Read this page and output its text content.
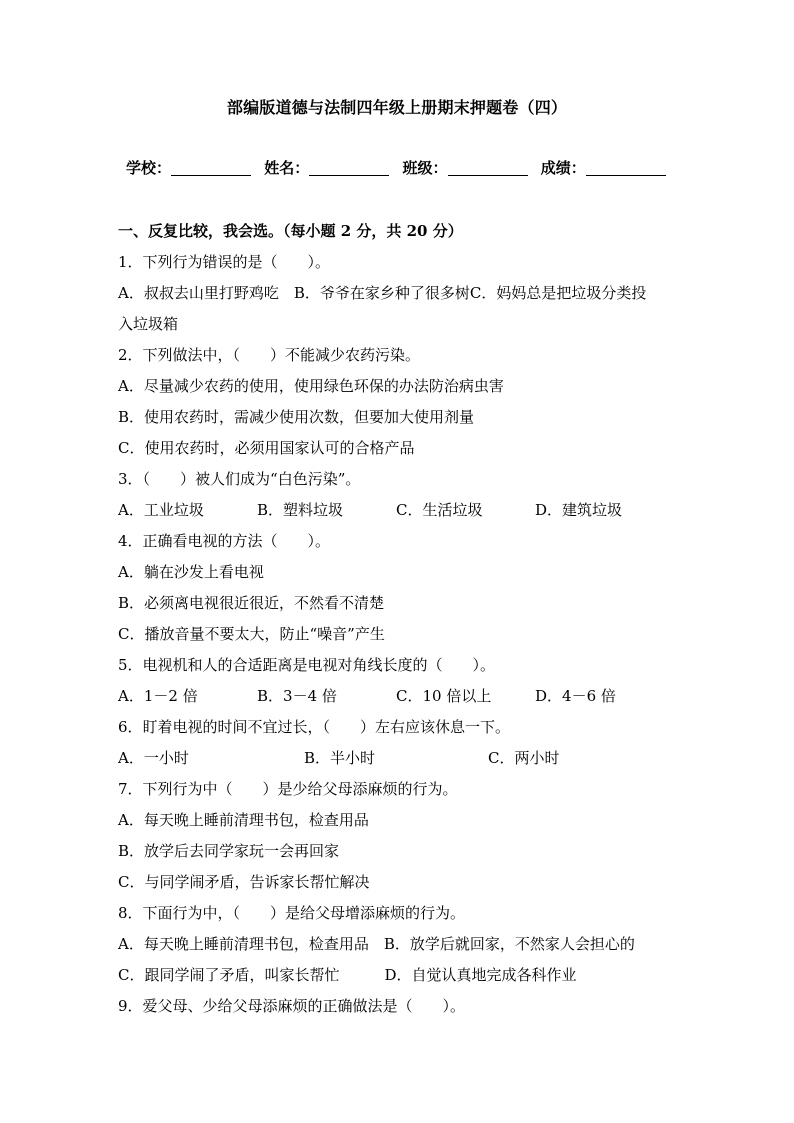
部编版道德与法制四年级上册期末押题卷（四）
学校：	姓名：	班级：	成绩：
一、反复比较，我会选。（每小题 2 分，共 20 分）
1．下列行为错误的是（　　）。
A．叔叔去山里打野鸡吃　B．爷爷在家乡种了很多树C．妈妈总是把垃圾分类投
入垃圾箱
2．下列做法中，（　　）不能减少农药污染。
A．尽量减少农药的使用，使用绿色环保的办法防治病虫害
B．使用农药时，需减少使用次数，但要加大使用剂量
C．使用农药时，必须用国家认可的合格产品
3．（　　）被人们成为“白色污染”。
A．工业垃圾	B．塑料垃圾	C．生活垃圾	D．建筑垃圾
4．正确看电视的方法（　　）。
A．躺在沙发上看电视
B．必须离电视很近很近，不然看不清楚
C．播放音量不要太大，防止“噪音”产生
5．电视机和人的合适距离是电视对角线长度的（　　）。
A．1－2 倍	B．3－4 倍	C．10 倍以上	D．4－6 倍
6．盯着电视的时间不宜过长，（　　）左右应该休息一下。
A．一小时	B．半小时	C．两小时
7．下列行为中（　　）是少给父母添麻烦的行为。
A．每天晚上睡前清理书包，检查用品
B．放学后去同学家玩一会再回家
C．与同学闹矛盾，告诉家长帮忙解决
8．下面行为中，（　　）是给父母增添麻烦的行为。
A．每天晚上睡前清理书包，检查用品　B．放学后就回家，不然家人会担心的
C．跟同学闹了矛盾，叫家长帮忙　　　D．自觉认真地完成各科作业
9．爱父母、少给父母添麻烦的正确做法是（　　）。
